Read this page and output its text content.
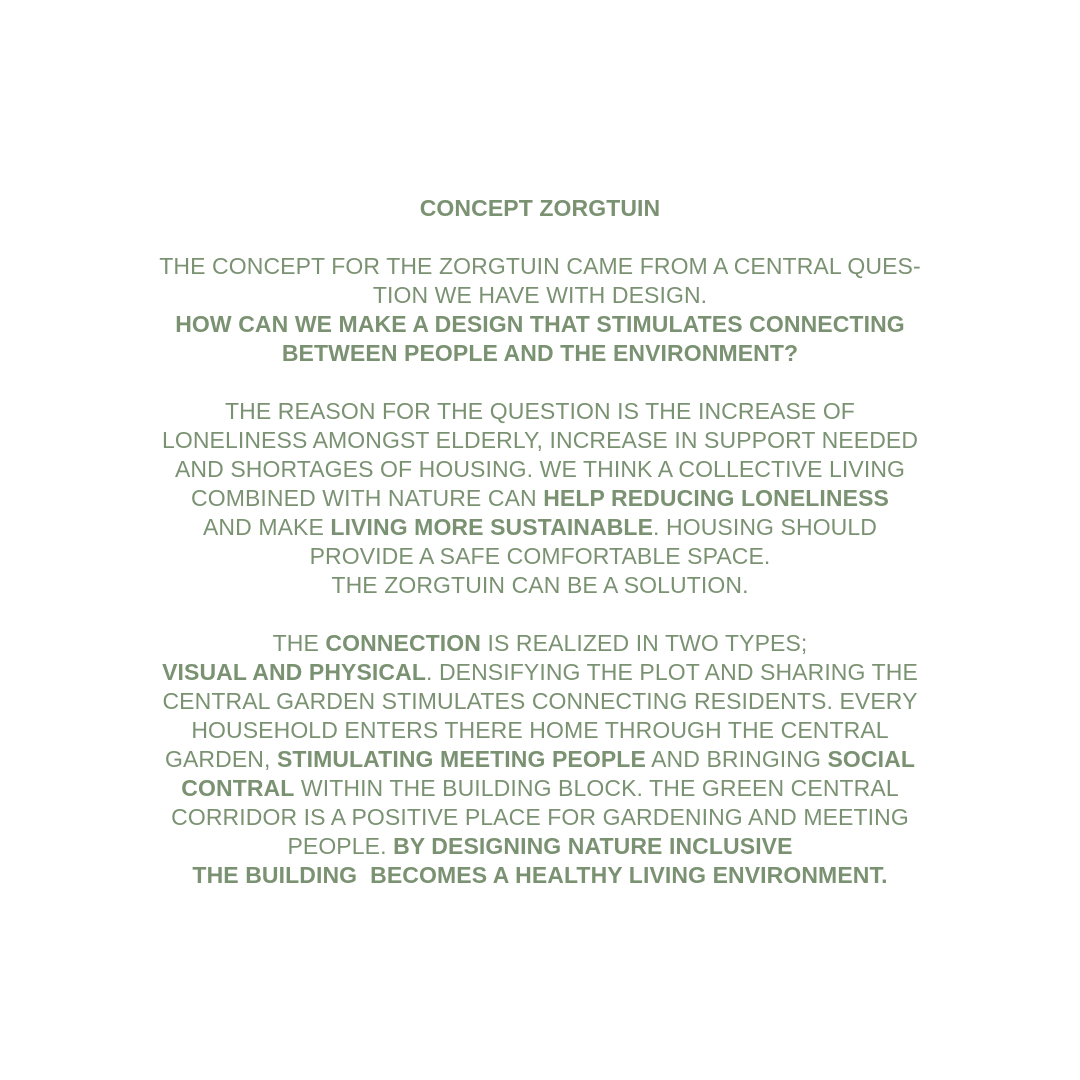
CONCEPT ZORGTUIN
THE CONCEPT FOR THE ZORGTUIN CAME FROM A CENTRAL QUES-
TION WE HAVE WITH DESIGN.
HOW CAN WE MAKE A DESIGN THAT STIMULATES CONNECTING
BETWEEN PEOPLE AND THE ENVIRONMENT?
THE REASON FOR THE QUESTION IS THE INCREASE OF
LONELINESS AMONGST ELDERLY, INCREASE IN SUPPORT NEEDED
AND SHORTAGES OF HOUSING. WE THINK A COLLECTIVE LIVING
COMBINED WITH NATURE CAN HELP REDUCING LONELINESS
AND MAKE LIVING MORE SUSTAINABLE. HOUSING SHOULD
PROVIDE A SAFE COMFORTABLE SPACE.
THE ZORGTUIN CAN BE A SOLUTION.
THE CONNECTION IS REALIZED IN TWO TYPES;
VISUAL AND PHYSICAL. DENSIFYING THE PLOT AND SHARING THE
CENTRAL GARDEN STIMULATES CONNECTING RESIDENTS. EVERY
HOUSEHOLD ENTERS THERE HOME THROUGH THE CENTRAL
GARDEN, STIMULATING MEETING PEOPLE AND BRINGING SOCIAL
CONTRAL WITHIN THE BUILDING BLOCK. THE GREEN CENTRAL
CORRIDOR IS A POSITIVE PLACE FOR GARDENING AND MEETING
PEOPLE. BY DESIGNING NATURE INCLUSIVE
THE BUILDING  BECOMES A HEALTHY LIVING ENVIRONMENT.
